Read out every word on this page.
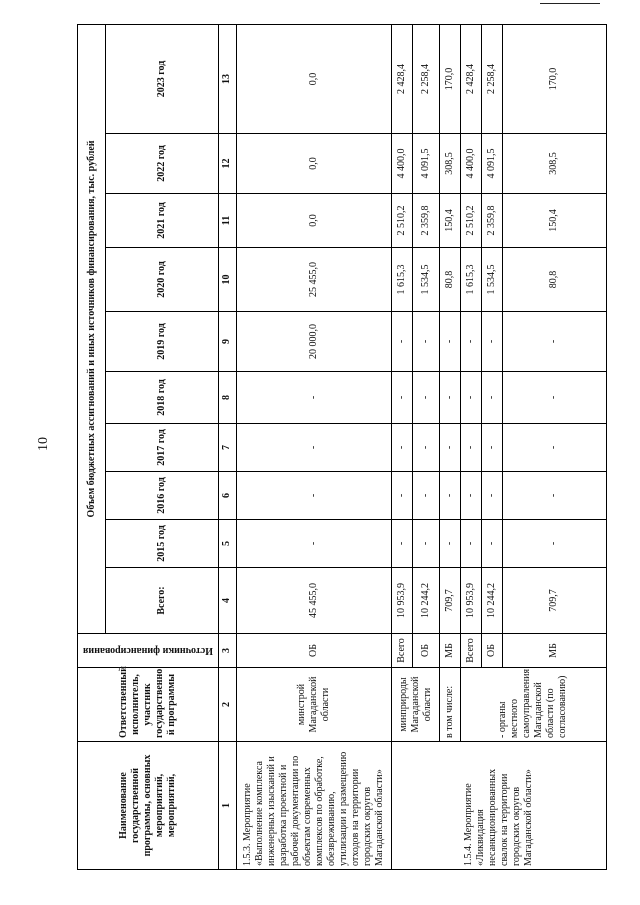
10
Наименование государственной программы, основных мероприятий, мероприятий,	Ответственный исполнитель, участник государственно й программы	Источники финансирования	Объем бюджетных ассигнований и иных источников финансирования, тыс. рублей									
			Всего:	2015 год	2016 год	2017 год	2018 год	2019 год	2020 год	2021 год	2022 год	2023 год
1	2	3	4	5	6	7	8	9	10	11	12	13
1.5.3. Мероприятие «Выполнение комплекса инженерных изысканий и разработка проектной и рабочей документации по объектам современных комплексов по обработке, обезвреживанию, утилизации и размещению отходов на территории городских округов Магаданской области»	минстрой Магаданской области	ОБ	45 455,0	-	-	-	-	20 000,0	25 455,0	0,0	0,0	0,0
1.5.4. Мероприятие «Ликвидация несанкционированных свалок на территории городских округов Магаданской области»	минприроды Магаданской области	Всего	10 953,9	-	-	-	-	-	1 615,3	2 510,2	4 400,0	2 428,4
		ОБ	10 244,2	-	-	-	-	-	1 534,5	2 359,8	4 091,5	2 258,4
	в том числе:	МБ	709,7	-	-	-	-	-	80,8	150,4	308,5	170,0
	- органы местного самоуправления Магаданской области (по согласованию)	Всего	10 953,9	-	-	-	-	-	1 615,3	2 510,2	4 400,0	2 428,4
		ОБ	10 244,2	-	-	-	-	-	1 534,5	2 359,8	4 091,5	2 258,4
		МБ	709,7	-	-	-	-	-	80,8	150,4	308,5	170,0
